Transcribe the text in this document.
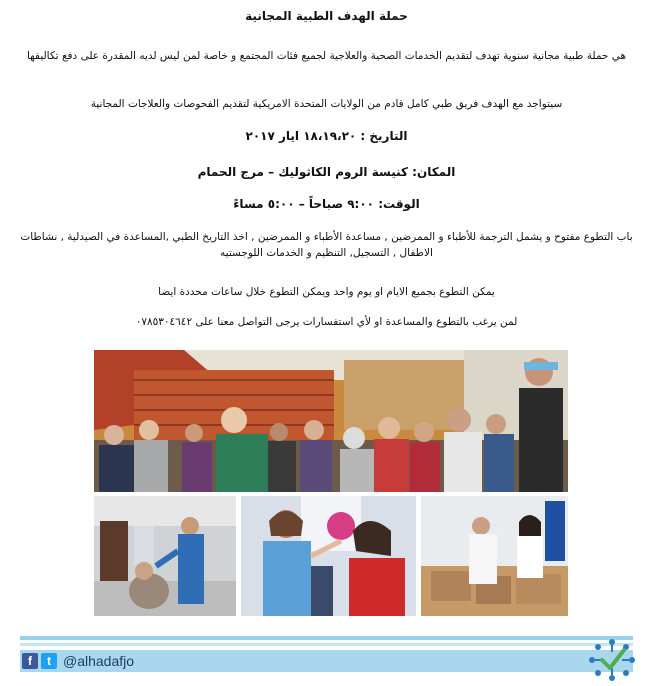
حملة الهدف الطبية المجانية
هي حملة طبية مجانية سنوية تهدف لتقديم الخدمات الصحية والعلاجية لجميع فئات المجتمع و خاصة لمن ليس لديه المقدرة على دفع تكاليفها
سيتواجد مع الهدف فريق طبي كامل قادم من الولايات المتحدة الامريكية لتقديم الفحوصات والعلاجات المجانية
التاريخ : ١٨،١٩،٢٠ ايار ٢٠١٧
المكان: كنيسة الروم الكاثوليك – مرج الحمام
الوقت: ٩:٠٠ صباحاً – ٥:٠٠ مساءً
باب التطوع مفتوح و يشمل الترجمة للأطباء و الممرضين , مساعدة الأطباء و الممرضين , اخذ التاريخ الطبي ,المساعدة في الصيدلية , نشاطات الاطفال , التسجيل, التنظيم و الخدمات اللوجستيه
يمكن التطوع بجميع الايام او يوم واحد ويمكن التطوع خلال ساعات محددة ايضا
لمن يرغب بالتطوع والمساعدة او لأي استفسارات يرجى التواصل معنا على ٠٧٨٥٣٠٤٦٤٢
f	t @alhadafjo
